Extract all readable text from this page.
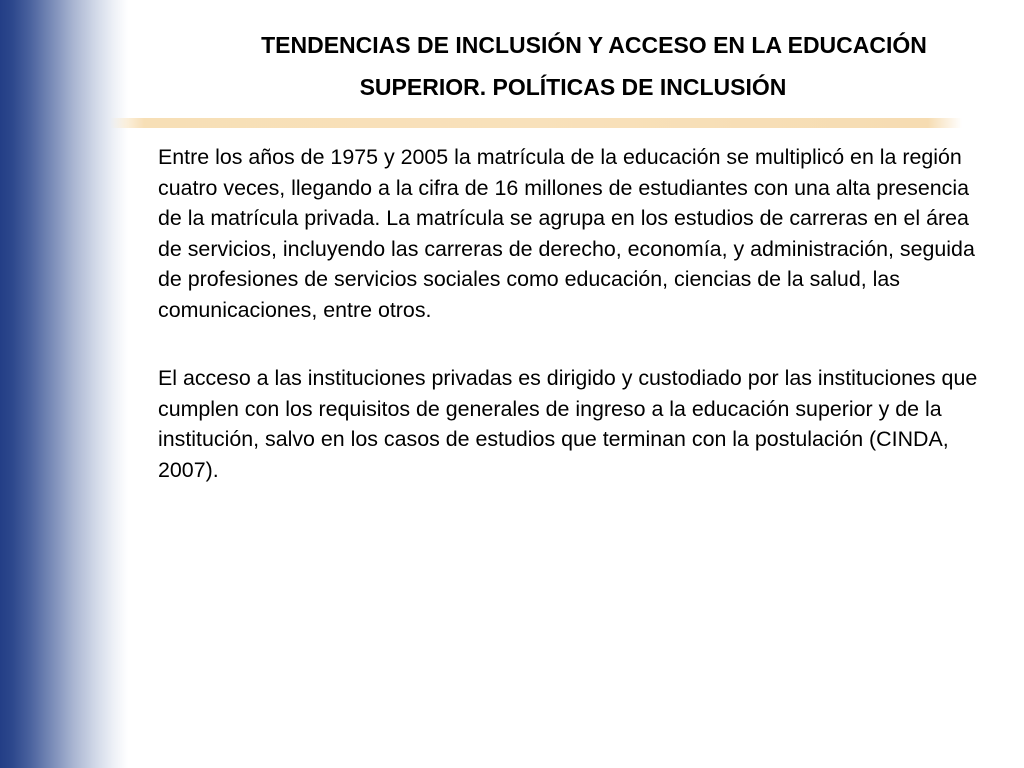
TENDENCIAS DE INCLUSIÓN Y ACCESO EN LA EDUCACIÓN
SUPERIOR. POLÍTICAS DE INCLUSIÓN

Entre los años de 1975 y 2005 la matrícula de la educación se multiplicó en la región cuatro veces, llegando a la cifra de 16 millones de estudiantes con una alta presencia de la matrícula privada. La matrícula se agrupa en los estudios de carreras en el área de servicios, incluyendo las carreras de derecho, economía, y administración, seguida de profesiones de servicios sociales como educación, ciencias de la salud, las comunicaciones, entre otros.

El acceso a las instituciones privadas es dirigido y custodiado por las instituciones que cumplen con los requisitos de generales de ingreso a la educación superior y de la institución, salvo en los casos de estudios que terminan con la postulación (CINDA, 2007).
